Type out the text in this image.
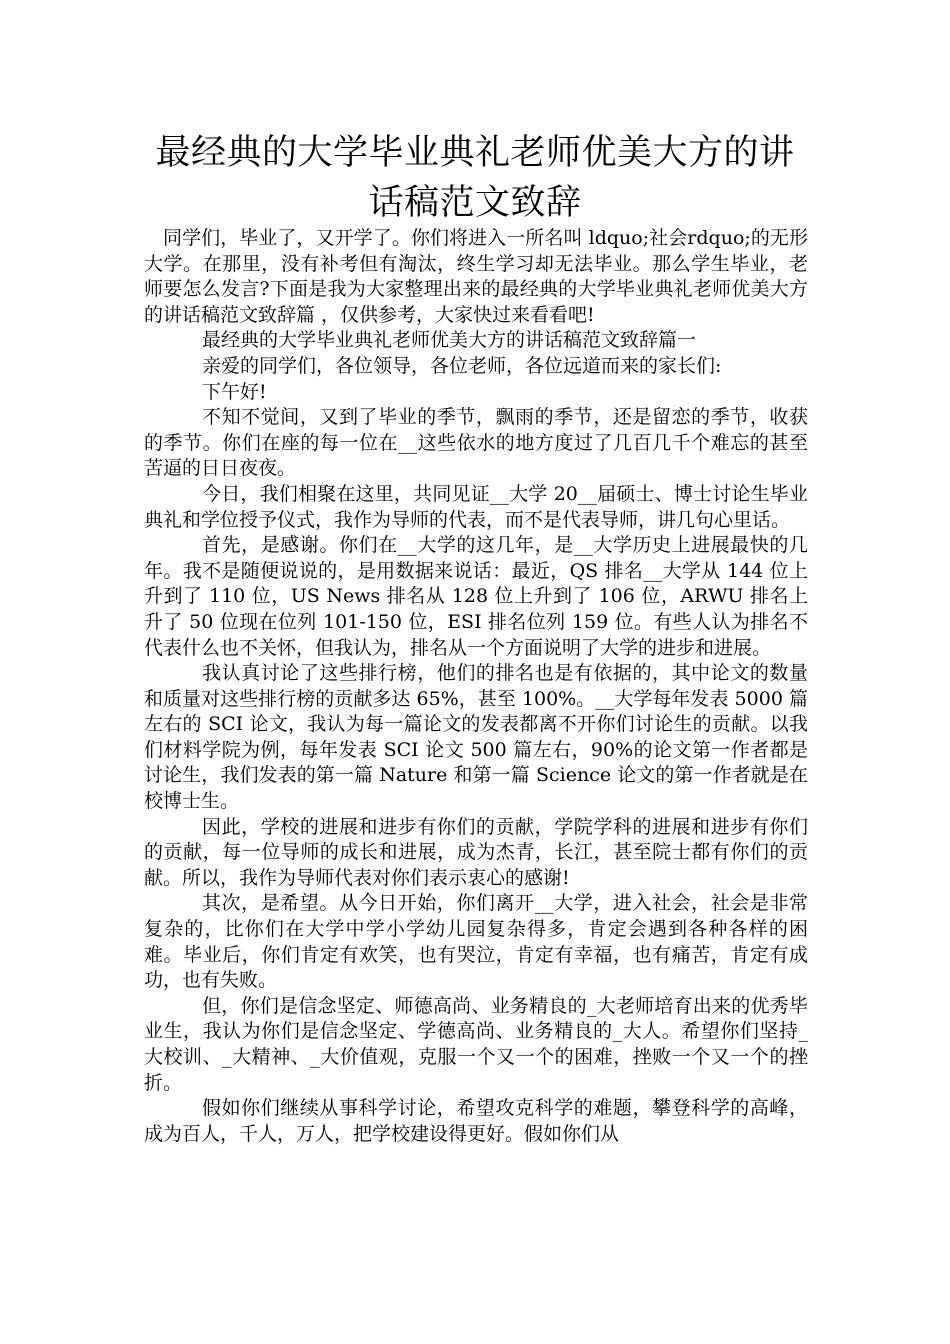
最经典的大学毕业典礼老师优美大方的讲话稿范文致辞

同学们，毕业了，又开学了。你们将进入一所名叫 ldquo;社会rdquo;的无形大学。在那里，没有补考但有淘汰，终生学习却无法毕业。那么学生毕业，老师要怎么发言?下面是我为大家整理出来的最经典的大学毕业典礼老师优美大方的讲话稿范文致辞篇 ，仅供参考，大家快过来看看吧!

最经典的大学毕业典礼老师优美大方的讲话稿范文致辞篇一

亲爱的同学们，各位领导，各位老师，各位远道而来的家长们:

下午好!

不知不觉间，又到了毕业的季节，飘雨的季节，还是留恋的季节，收获的季节。你们在座的每一位在__这些依水的地方度过了几百几千个难忘的甚至苦逼的日日夜夜。

今日，我们相聚在这里，共同见证__大学 20__届硕士、博士讨论生毕业典礼和学位授予仪式，我作为导师的代表，而不是代表导师，讲几句心里话。

首先，是感谢。你们在__大学的这几年，是__大学历史上进展最快的几年。我不是随便说说的，是用数据来说话：最近，QS 排名__大学从 144 位上升到了 110 位，US News 排名从 128 位上升到了 106 位，ARWU 排名上升了 50 位现在位列 101-150 位，ESI 排名位列 159 位。有些人认为排名不代表什么也不关怀，但我认为，排名从一个方面说明了大学的进步和进展。

我认真讨论了这些排行榜，他们的排名也是有依据的，其中论文的数量和质量对这些排行榜的贡献多达 65%，甚至 100%。__大学每年发表 5000 篇左右的 SCI 论文，我认为每一篇论文的发表都离不开你们讨论生的贡献。以我们材料学院为例，每年发表 SCI 论文 500 篇左右，90%的论文第一作者都是讨论生，我们发表的第一篇 Nature 和第一篇 Science 论文的第一作者就是在校博士生。

因此，学校的进展和进步有你们的贡献，学院学科的进展和进步有你们的贡献，每一位导师的成长和进展，成为杰青，长江，甚至院士都有你们的贡献。所以，我作为导师代表对你们表示衷心的感谢!

其次，是希望。从今日开始，你们离开__大学，进入社会，社会是非常复杂的，比你们在大学中学小学幼儿园复杂得多，肯定会遇到各种各样的困难。毕业后，你们肯定有欢笑，也有哭泣，肯定有幸福，也有痛苦，肯定有成功，也有失败。

但，你们是信念坚定、师德高尚、业务精良的_大老师培育出来的优秀毕业生，我认为你们是信念坚定、学德高尚、业务精良的_大人。希望你们坚持_大校训、_大精神、_大价值观，克服一个又一个的困难，挫败一个又一个的挫折。

假如你们继续从事科学讨论，希望攻克科学的难题，攀登科学的高峰，成为百人，千人，万人，把学校建设得更好。假如你们从
